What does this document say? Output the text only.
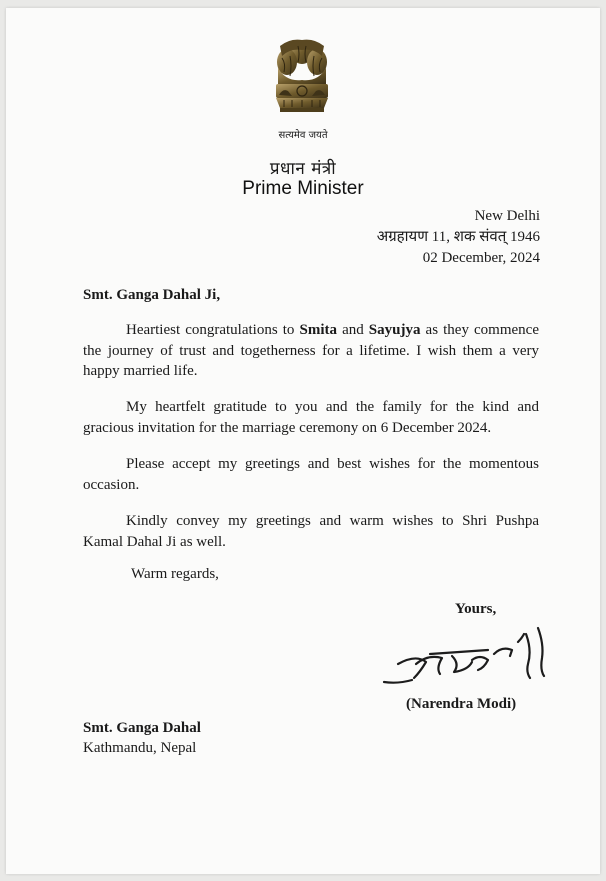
सत्यमेव जयते
प्रधान मंत्री
Prime Minister
New Delhi
अग्रहायण 11, शक संवत् 1946
02 December, 2024
Smt. Ganga Dahal Ji,

Heartiest congratulations to Smita and Sayujya as they commence the journey of trust and togetherness for a lifetime. I wish them a very happy married life.

My heartfelt gratitude to you and the family for the kind and gracious invitation for the marriage ceremony on 6 December 2024.

Please accept my greetings and best wishes for the momentous occasion.

Kindly convey my greetings and warm wishes to Shri Pushpa Kamal Dahal Ji as well.

Warm regards,
Yours,
(Narendra Modi)
Smt. Ganga Dahal
Kathmandu, Nepal
